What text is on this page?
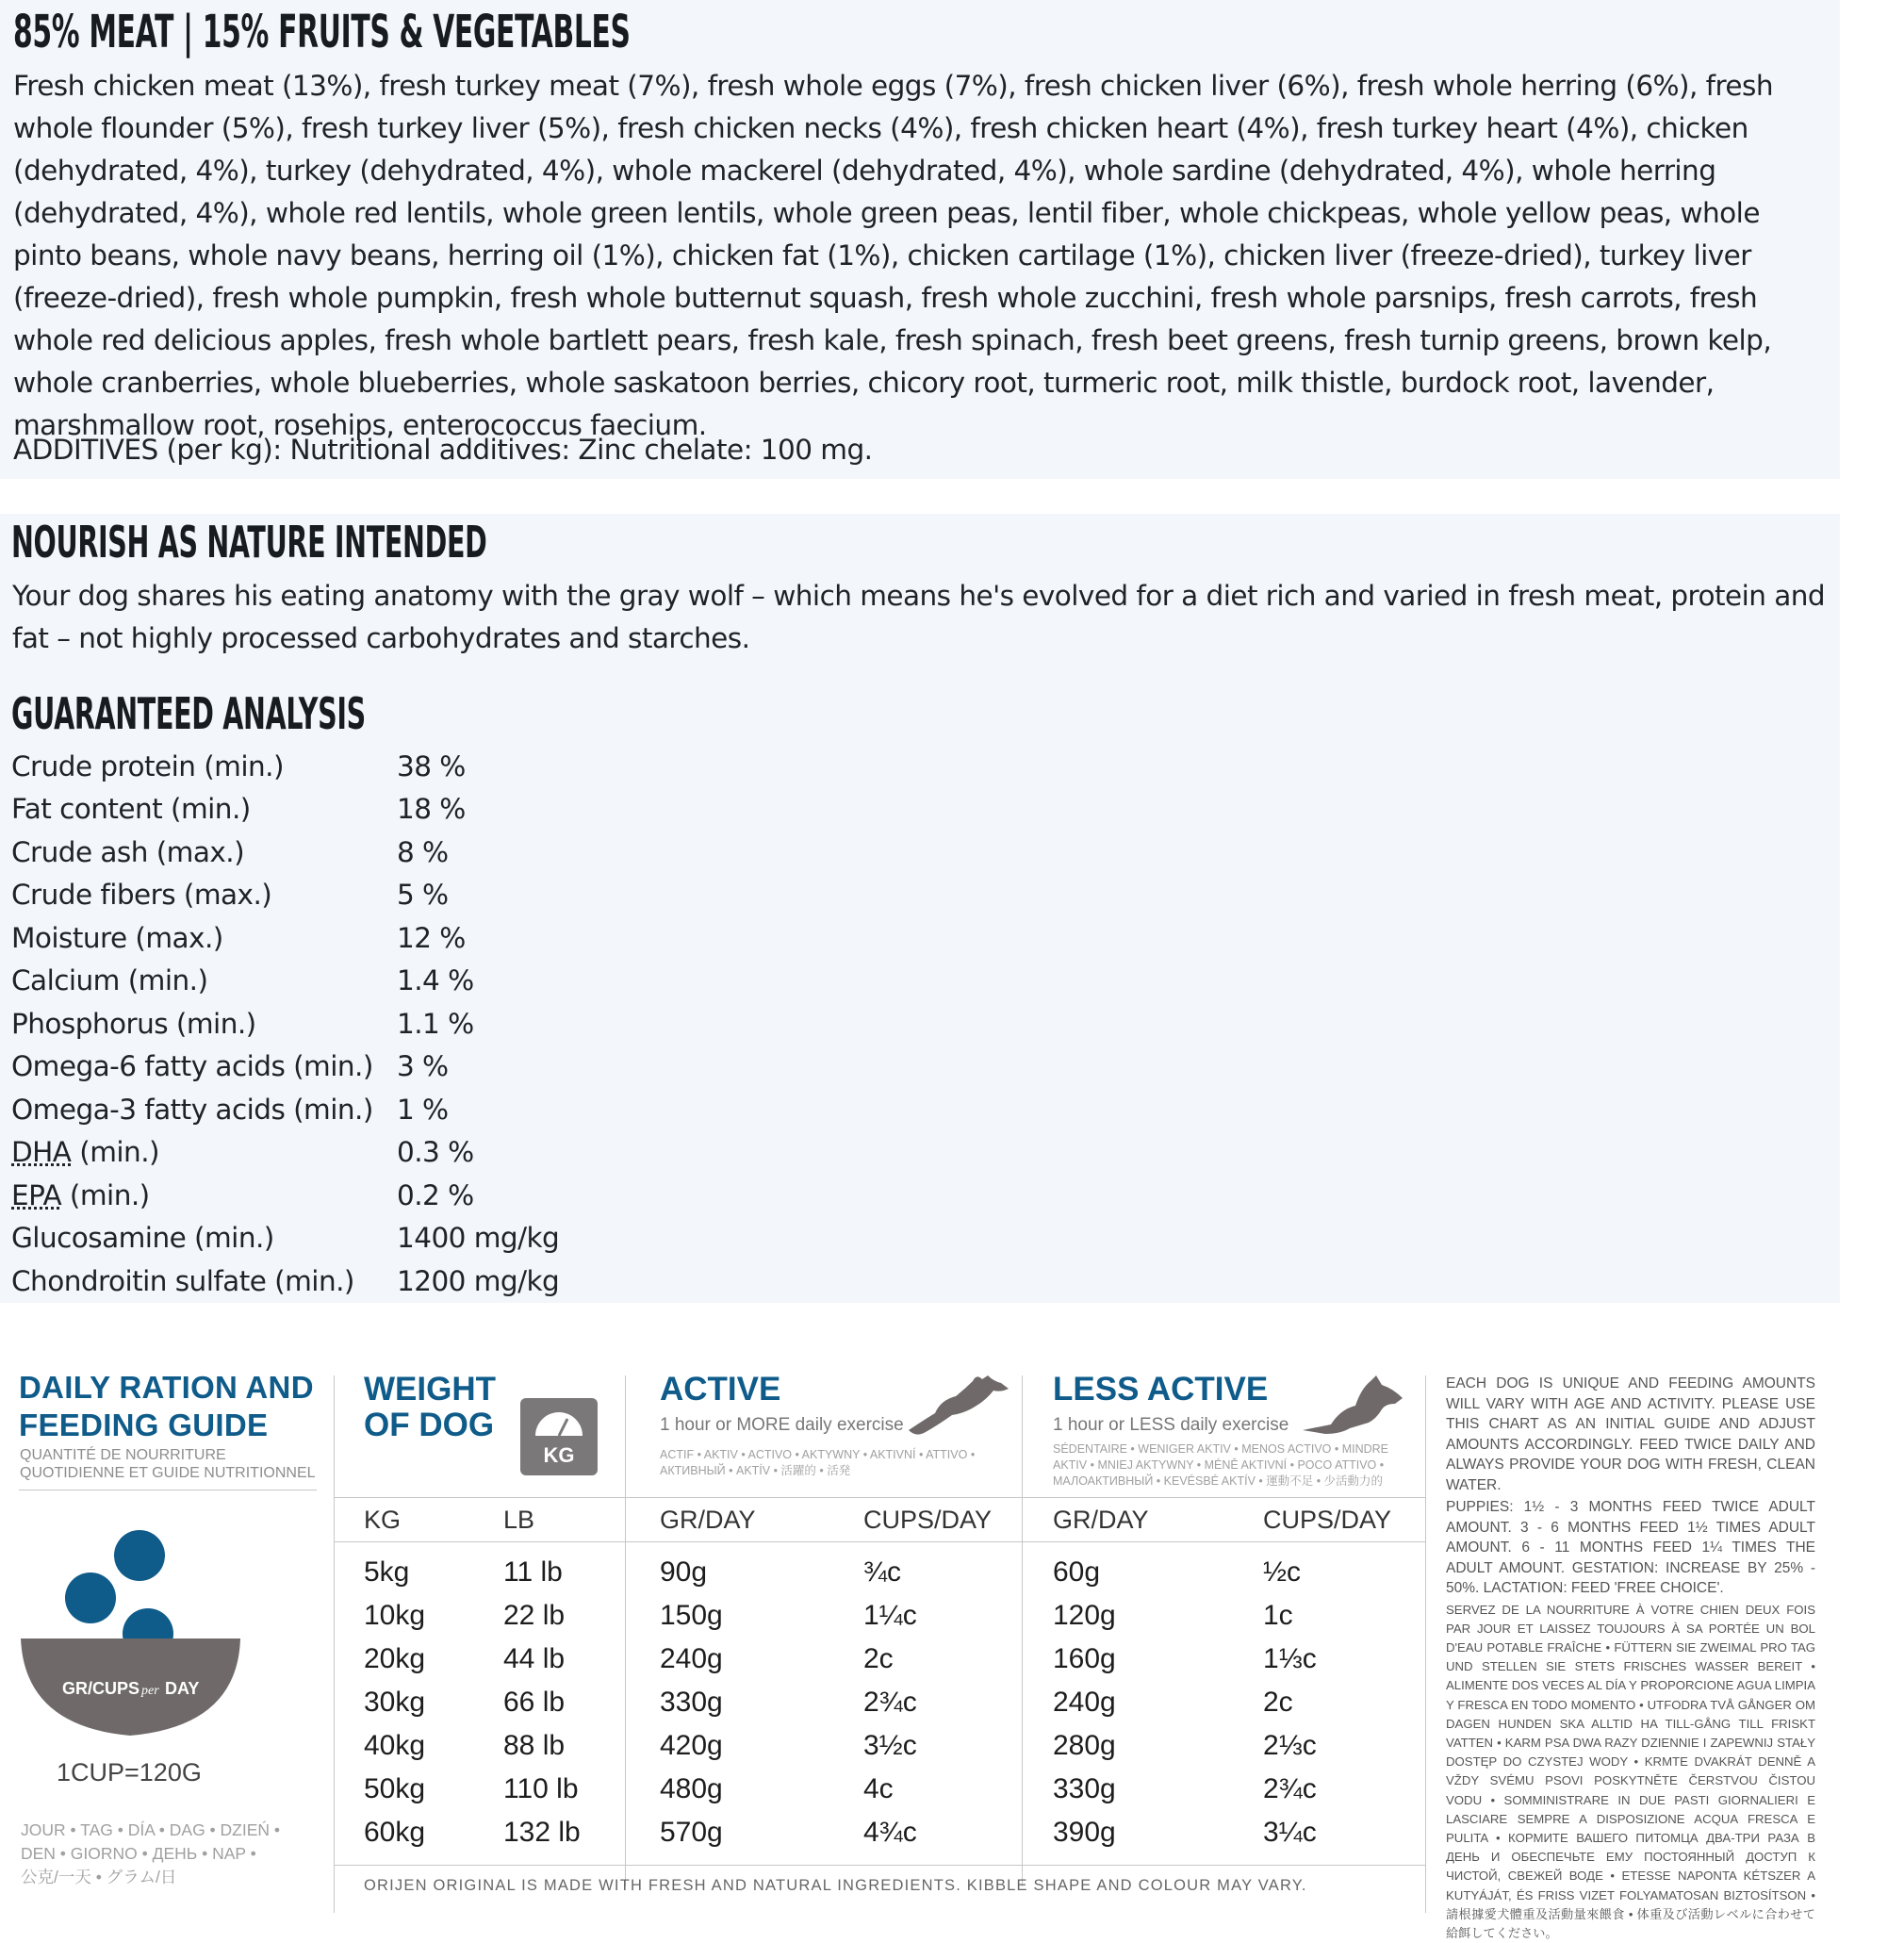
85% MEAT | 15% FRUITS & VEGETABLES
Fresh chicken meat (13%), fresh turkey meat (7%), fresh whole eggs (7%), fresh chicken liver (6%), fresh whole herring (6%), fresh whole flounder (5%), fresh turkey liver (5%), fresh chicken necks (4%), fresh chicken heart (4%), fresh turkey heart (4%), chicken (dehydrated, 4%), turkey (dehydrated, 4%), whole mackerel (dehydrated, 4%), whole sardine (dehydrated, 4%), whole herring (dehydrated, 4%), whole red lentils, whole green lentils, whole green peas, lentil fiber, whole chickpeas, whole yellow peas, whole pinto beans, whole navy beans, herring oil (1%), chicken fat (1%), chicken cartilage (1%), chicken liver (freeze-dried), turkey liver (freeze-dried), fresh whole pumpkin, fresh whole butternut squash, fresh whole zucchini, fresh whole parsnips, fresh carrots, fresh whole red delicious apples, fresh whole bartlett pears, fresh kale, fresh spinach, fresh beet greens, fresh turnip greens, brown kelp, whole cranberries, whole blueberries, whole saskatoon berries, chicory root, turmeric root, milk thistle, burdock root, lavender, marshmallow root, rosehips, enterococcus faecium.
ADDITIVES (per kg): Nutritional additives: Zinc chelate: 100 mg.
NOURISH AS NATURE INTENDED
Your dog shares his eating anatomy with the gray wolf – which means he's evolved for a diet rich and varied in fresh meat, protein and fat – not highly processed carbohydrates and starches.
GUARANTEED ANALYSIS
Crude protein (min.)	38 %
Fat content (min.)	18 %
Crude ash (max.)	8 %
Crude fibers (max.)	5 %
Moisture (max.)	12 %
Calcium (min.)	1.4 %
Phosphorus (min.)	1.1 %
Omega-6 fatty acids (min.) 3 %
Omega-3 fatty acids (min.) 1 %
DHA (min.)	0.3 %
EPA (min.)	0.2 %
Glucosamine (min.)	1400 mg/kg
Chondroitin sulfate (min.)	1200 mg/kg
DAILY RATION AND
FEEDING GUIDE
QUANTITÉ DE NOURRITURE
QUOTIDIENNE ET GUIDE NUTRITIONNEL
GR/CUPS per DAY
1CUP=120G
JOUR • TAG • DÍA • DAG • DZIEŃ •
DEN • GIORNO • ДЕНЬ • NAP •
公克/一天 • グラム/日
WEIGHT
OF DOG
KG
ACTIVE
1 hour or MORE daily exercise
ACTIF • AKTIV • ACTIVO • AKTYWNY • AKTIVNÍ • ATTIVO •
АКТИВНЫЙ • AKTÍV • 活躍的 • 活発
LESS ACTIVE
1 hour or LESS daily exercise
SÉDENTAIRE • WENIGER AKTIV • MENOS ACTIVO • MINDRE
AKTIV • MNIEJ AKTYWNY • MÉNĚ AKTIVNÍ • POCO ATTIVO •
МАЛОАКТИВНЫЙ • KEVÉSBÉ AKTÍV • 運動不足 • 少活動力的
KG	LB	GR/DAY	CUPS/DAY GR/DAY	CUPS/DAY
5kg	11 lb	90g	¾c	60g	½c
10kg	22 lb	150g	1¼c	120g	1c
20kg	44 lb	240g	2c	160g	1⅓c
30kg	66 lb	330g	2¾c	240g	2c
40kg	88 lb	420g	3½c	280g	2⅓c
50kg	110 lb	480g	4c	330g	2¾c
60kg	132 lb	570g	4¾c	390g	3¼c
ORIJEN ORIGINAL IS MADE WITH FRESH AND NATURAL INGREDIENTS. KIBBLE SHAPE AND COLOUR MAY VARY.
EACH DOG IS UNIQUE AND FEEDING AMOUNTS WILL VARY WITH AGE AND ACTIVITY. PLEASE USE THIS CHART AS AN INITIAL GUIDE AND ADJUST AMOUNTS ACCORDINGLY. FEED TWICE DAILY AND ALWAYS PROVIDE YOUR DOG WITH FRESH, CLEAN WATER.
PUPPIES: 1½ - 3 MONTHS FEED TWICE ADULT AMOUNT. 3 - 6 MONTHS FEED 1½ TIMES ADULT AMOUNT. 6 - 11 MONTHS FEED 1¼ TIMES THE ADULT AMOUNT. GESTATION: INCREASE BY 25% - 50%. LACTATION: FEED 'FREE CHOICE'.
SERVEZ DE LA NOURRITURE À VOTRE CHIEN DEUX FOIS PAR JOUR ET LAISSEZ TOUJOURS À SA PORTÉE UN BOL D'EAU POTABLE FRAÎCHE • FÜTTERN SIE ZWEIMAL PRO TAG UND STELLEN SIE STETS FRISCHES WASSER BEREIT • ALIMENTE DOS VECES AL DÍA Y PROPORCIONE AGUA LIMPIA Y FRESCA EN TODO MOMENTO • UTFODRA TVÅ GÅNGER OM DAGEN HUNDEN SKA ALLTID HA TILL-GÅNG TILL FRISKT VATTEN • KARM PSA DWA RAZY DZIENNIE I ZAPEWNIJ STAŁY DOSTĘP DO CZYSTEJ WODY • KRMTE DVAKRÁT DENNĚ A VŽDY SVÉMU PSOVI POSKYTNĚTE ČERSTVOU ČISTOU VODU • SOMMINISTRARE IN DUE PASTI GIORNALIERI E LASCIARE SEMPRE A DISPOSIZIONE ACQUA FRESCA E PULITA • КОРМИТЕ ВАШЕГО ПИТОМЦА ДВА-ТРИ РАЗА В ДЕНЬ И ОБЕСПЕЧЬТЕ ЕМУ ПОСТОЯННЫЙ ДОСТУП К ЧИСТОЙ, СВЕЖЕЙ ВОДЕ • ETESSE NAPONTA KÉTSZER A KUTYÁJÁT, ÉS FRISS VIZET FOLYAMATOSAN BIZTOSÍTSON • 請根據愛犬體重及活動量來餵食 • 体重及び活動レベルに合わせて給餌してください。
